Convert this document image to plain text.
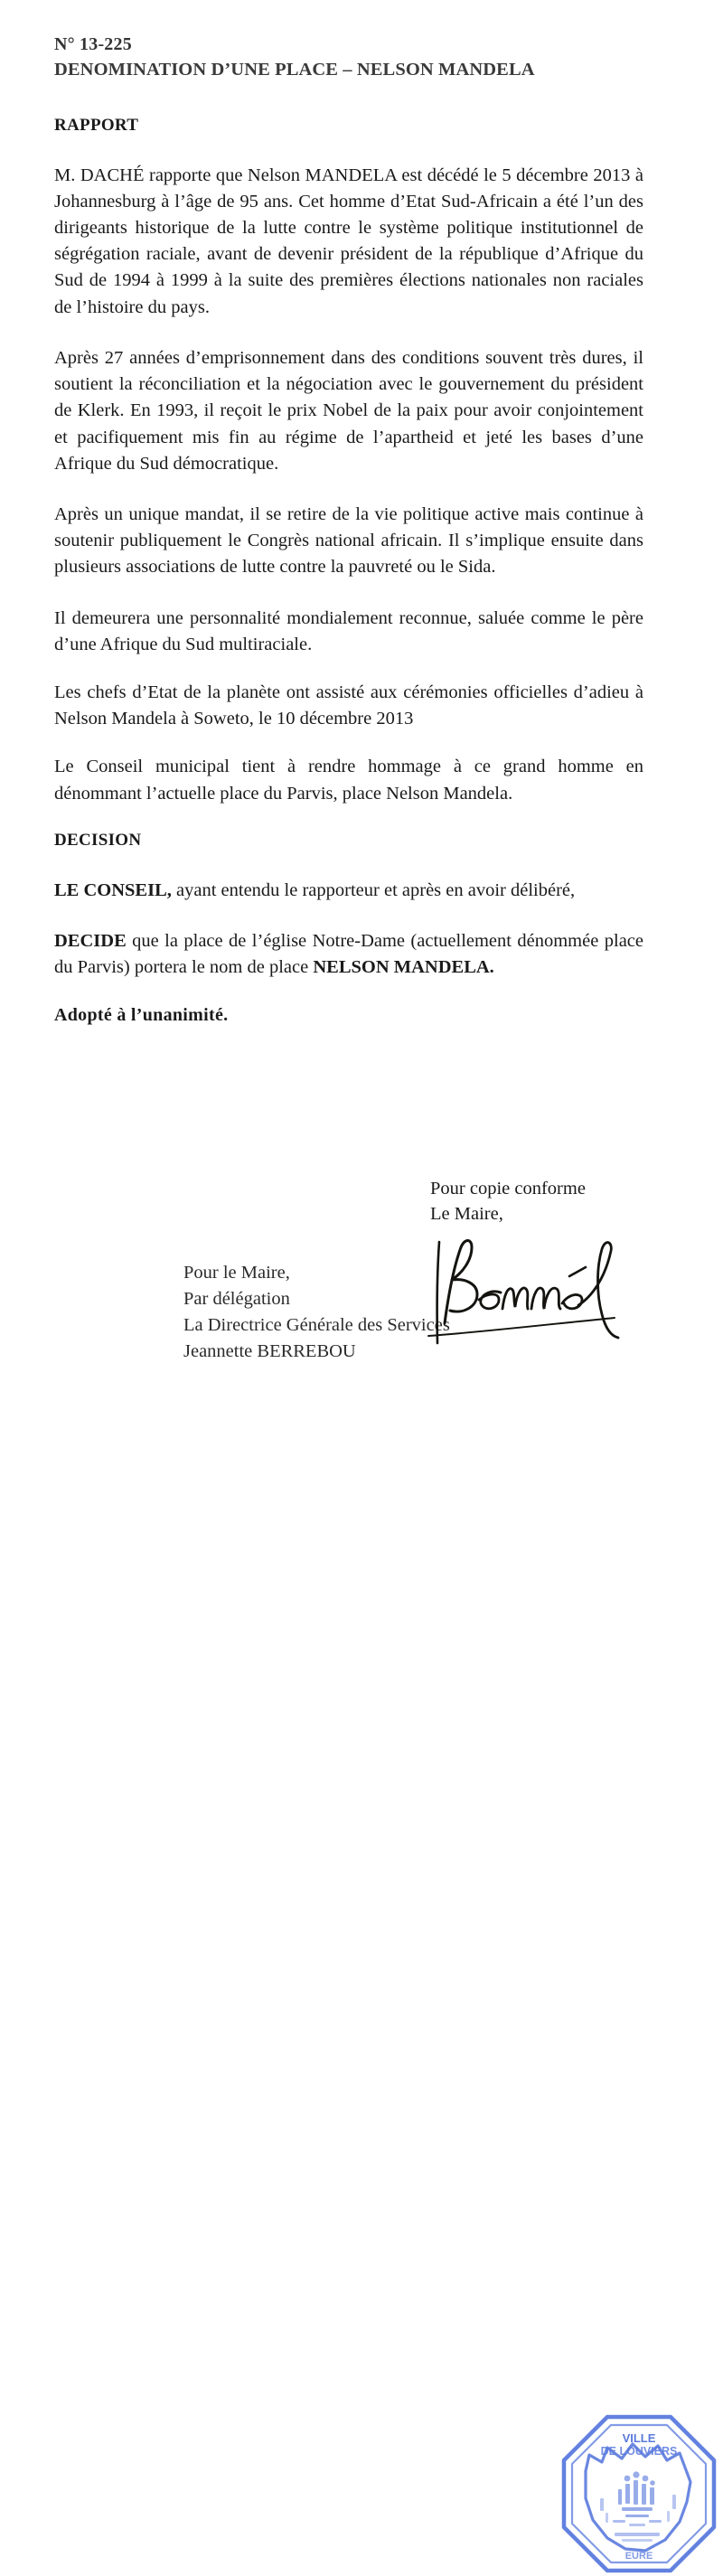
N° 13-225
DENOMINATION D’UNE PLACE – NELSON MANDELA
RAPPORT

M. DACHÉ rapporte que Nelson MANDELA est décédé le 5 décembre 2013 à Johannesburg à l’âge de 95 ans. Cet homme d’Etat Sud-Africain a été l’un des dirigeants historique de la lutte contre le système politique institutionnel de ségrégation raciale, avant de devenir président de la république d’Afrique du Sud de 1994 à 1999 à la suite des premières élections nationales non raciales de l’histoire du pays.

Après 27 années d’emprisonnement dans des conditions souvent très dures, il soutient la réconciliation et la négociation avec le gouvernement du président de Klerk. En 1993, il reçoit le prix Nobel de la paix pour avoir conjointement et pacifiquement mis fin au régime de l’apartheid et jeté les bases d’une Afrique du Sud démocratique.

Après un unique mandat, il se retire de la vie politique active mais continue à soutenir publiquement le Congrès national africain. Il s’implique ensuite dans plusieurs associations de lutte contre la pauvreté ou le Sida.

Il demeurera une personnalité mondialement reconnue, saluée comme le père d’une Afrique du Sud multiraciale.

Les chefs d’Etat de la planète ont assisté aux cérémonies officielles d’adieu à Nelson Mandela à Soweto, le 10 décembre 2013

Le Conseil municipal tient à rendre hommage à ce grand homme en dénommant l’actuelle place du Parvis, place Nelson Mandela.

DECISION

LE CONSEIL, ayant entendu le rapporteur et après en avoir délibéré,

DECIDE que la place de l’église Notre-Dame (actuellement dénommée place du Parvis) portera le nom de place NELSON MANDELA.

Adopté à l’unanimité.
Pour copie conforme
Le Maire,
Pour le Maire,
Par délégation
La Directrice Générale des Services
Jeannette BERREBOU
VILLE
DE LOUVIERS
EURE
